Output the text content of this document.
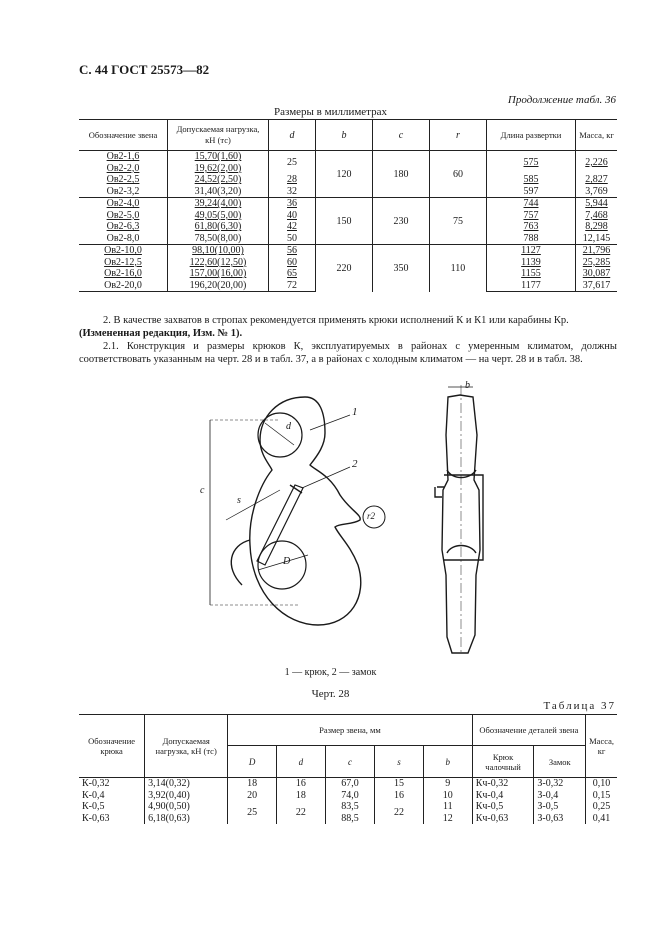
С. 44 ГОСТ 25573—82
Продолжение табл. 36
Размеры в миллиметрах
Обозначение звена	Допускаемая нагрузка, кН (тс)	d	b	c	r	Длина развертки	Масса, кг
Ов2-1,6	15,70(1,60)	25	120	180	60	575	2,226
Ов2-2,0	19,62(2,00)						
Ов2-2,5	24,52(2,50)	28				585	2,827
Ов2-3,2	31,40(3,20)	32				597	3,769
Ов2-4,0	39,24(4,00)	36	150	230	75	744	5,944
Ов2-5,0	49,05(5,00)	40				757	7,468
Ов2-6,3	61,80(6,30)	42				763	8,298
Ов2-8,0	78,50(8,00)	50				788	12,145
Ов2-10,0	98,10(10,00)	56	220	350	110	1127	21,796
Ов2-12,5	122,60(12,50)	60				1139	25,285
Ов2-16,0	157,00(16,00)	65				1155	30,087
Ов2-20,0	196,20(20,00)	72				1177	37,617
2. В качестве захватов в стропах рекомендуется применять крюки исполнений К и К1 или карабины Кр.
(Измененная редакция, Изм. № 1).
2.1. Конструкция и размеры крюков К, эксплуатируемых в районах с умеренным климатом, должны соответствовать указанным на черт. 28 и в табл. 37, а в районах с холодным климатом — на черт. 28 и в табл. 38.
d
c
s
D
b
r2
1
2
1 — крюк, 2 — замок
Черт. 28
Таблица 37
Обозначение крюка	Допускаемая нагрузка, кН (тс)	Размер звена, мм					Обозначение деталей звена		Масса, кг
		D	d	c	s	b	Крюк чалочный	Замок	
К-0,32	3,14(0,32)	18	16	67,0	15	9	Кч-0,32	З-0,32	0,10
К-0,4	3,92(0,40)	20	18	74,0	16	10	Кч-0,4	З-0,4	0,15
К-0,5	4,90(0,50)	25	22	83,5	22	11	Кч-0,5	З-0,5	0,25
К-0,63	6,18(0,63)			88,5		12	Кч-0,63	З-0,63	0,41
